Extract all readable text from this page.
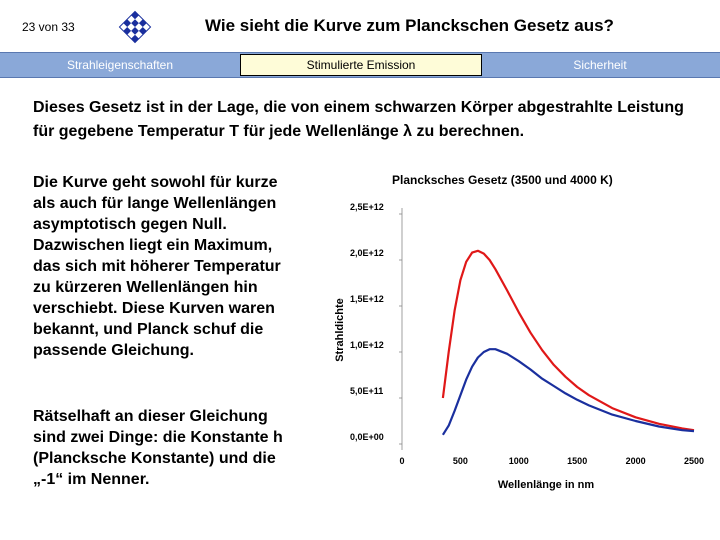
23 von 33	Wie sieht die Kurve zum Planckschen Gesetz aus?
Strahleigenschaften	Stimulierte Emission	Sicherheit
Dieses Gesetz ist in der Lage, die von einem schwarzen Körper abgestrahlte Leistung für gegebene Temperatur T für jede Wellenlänge λ zu berechnen.
Die Kurve geht sowohl für kurze als auch für lange Wellenlängen asymptotisch gegen Null. Dazwischen liegt ein Maximum, das sich mit höherer Temperatur zu kürzeren Wellenlängen hin verschiebt. Diese Kurven waren bekannt, und Planck schuf die passende Gleichung.
Rätselhaft an dieser Gleichung sind zwei Dinge: die Konstante h (Plancksche Konstante) und die „-1“ im Nenner.
Plancksches Gesetz (3500 und 4000 K)
Strahldichte
Wellenlänge in nm
0,0E+00
5,0E+11
1,0E+12
1,5E+12
2,0E+12
2,5E+12
0	500	1000	1500	2000	2500
